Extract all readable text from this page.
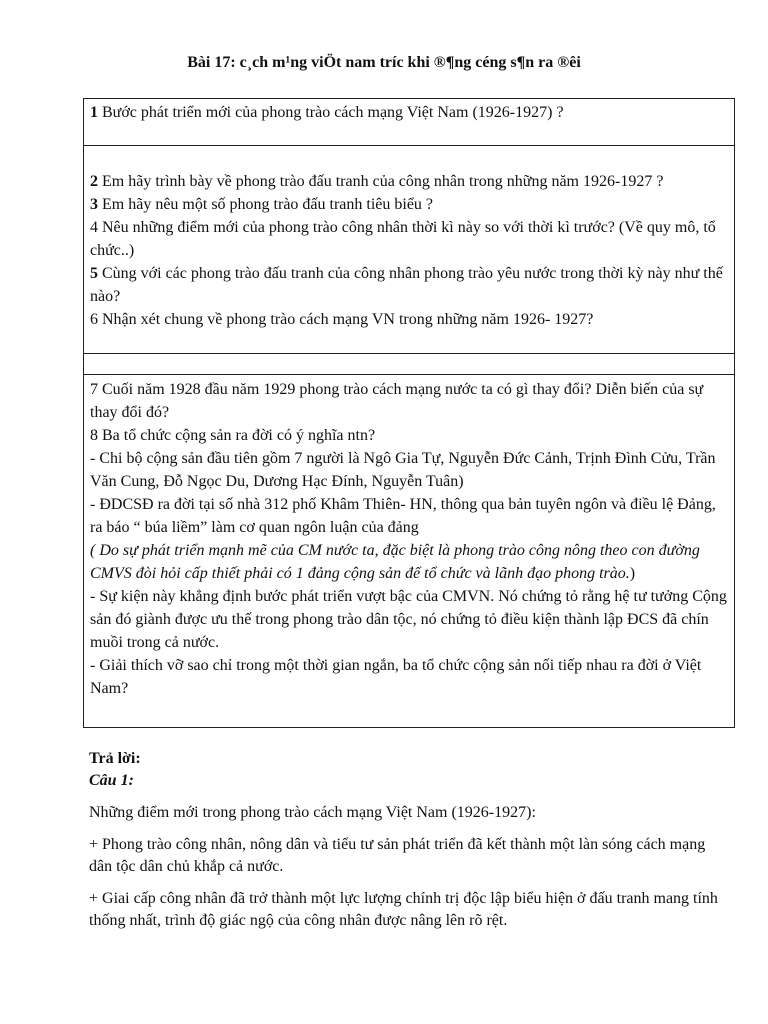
Bài 17: c¸ch m¹ng viÖt nam tríc khi ®¶ng céng s¶n ra ®êi

1 Bước phát triển mới của phong trào cách mạng Việt Nam (1926-1927) ?

2 Em hãy trình bày về phong trào đấu tranh của công nhân trong những năm 1926-1927 ?

3 Em hãy nêu một số phong trào đấu tranh tiêu biểu ?

4 Nêu những điểm mới của phong trào công nhân thời kì này so với thời kì trước? (Về quy mô, tổ chức..)

5 Cùng với các phong trào đấu tranh của công nhân phong trào yêu nước trong thời kỳ này như thế nào?

6 Nhận xét chung về phong trào cách mạng VN trong những năm 1926- 1927?

7 Cuối năm 1928 đầu năm 1929 phong trào cách mạng nước ta có gì thay đổi? Diễn biến của sự thay đổi đó?

8 Ba tổ chức cộng sản ra đời có ý nghĩa ntn?

- Chi bộ cộng sản đầu tiên gồm 7 người là Ngô Gia Tự, Nguyễn Đức Cảnh, Trịnh Đình Cửu, Trần Văn Cung, Đỗ Ngọc Du, Dương Hạc Đính, Nguyễn Tuân)

- ĐDCSĐ ra đời tại số nhà 312 phố Khâm Thiên- HN, thông qua bản tuyên ngôn và điều lệ Đảng, ra báo “ búa liềm” làm cơ quan ngôn luận của đảng

( Do sự phát triển mạnh mẽ của CM nước ta, đặc biệt là phong trào công nông theo con đường CMVS đòi hỏi cấp thiết phải có 1 đảng cộng sản để tổ chức và lãnh đạo phong trào.)

- Sự kiện này khẳng định bước phát triển vượt bậc của CMVN. Nó chứng tỏ rằng hệ tư tưởng Cộng sản đó giành được ưu thế trong phong trào dân tộc, nó chứng tỏ điều kiện thành lập ĐCS đã chín muồi trong cả nước.

- Giải thích vỡ sao chỉ trong một thời gian ngắn, ba tổ chức cộng sản nối tiếp nhau ra đời ở Việt Nam?

Trả lời:

Câu 1:

Những điểm mới trong phong trào cách mạng Việt Nam (1926-1927):

+ Phong trào công nhân, nông dân và tiểu tư sản phát triển đã kết thành một làn sóng cách mạng dân tộc dân chủ khắp cả nước.

+ Giai cấp công nhân đã trở thành một lực lượng chính trị độc lập biểu hiện ở đấu tranh mang tính thống nhất, trình độ giác ngộ của công nhân được nâng lên rõ rệt.
